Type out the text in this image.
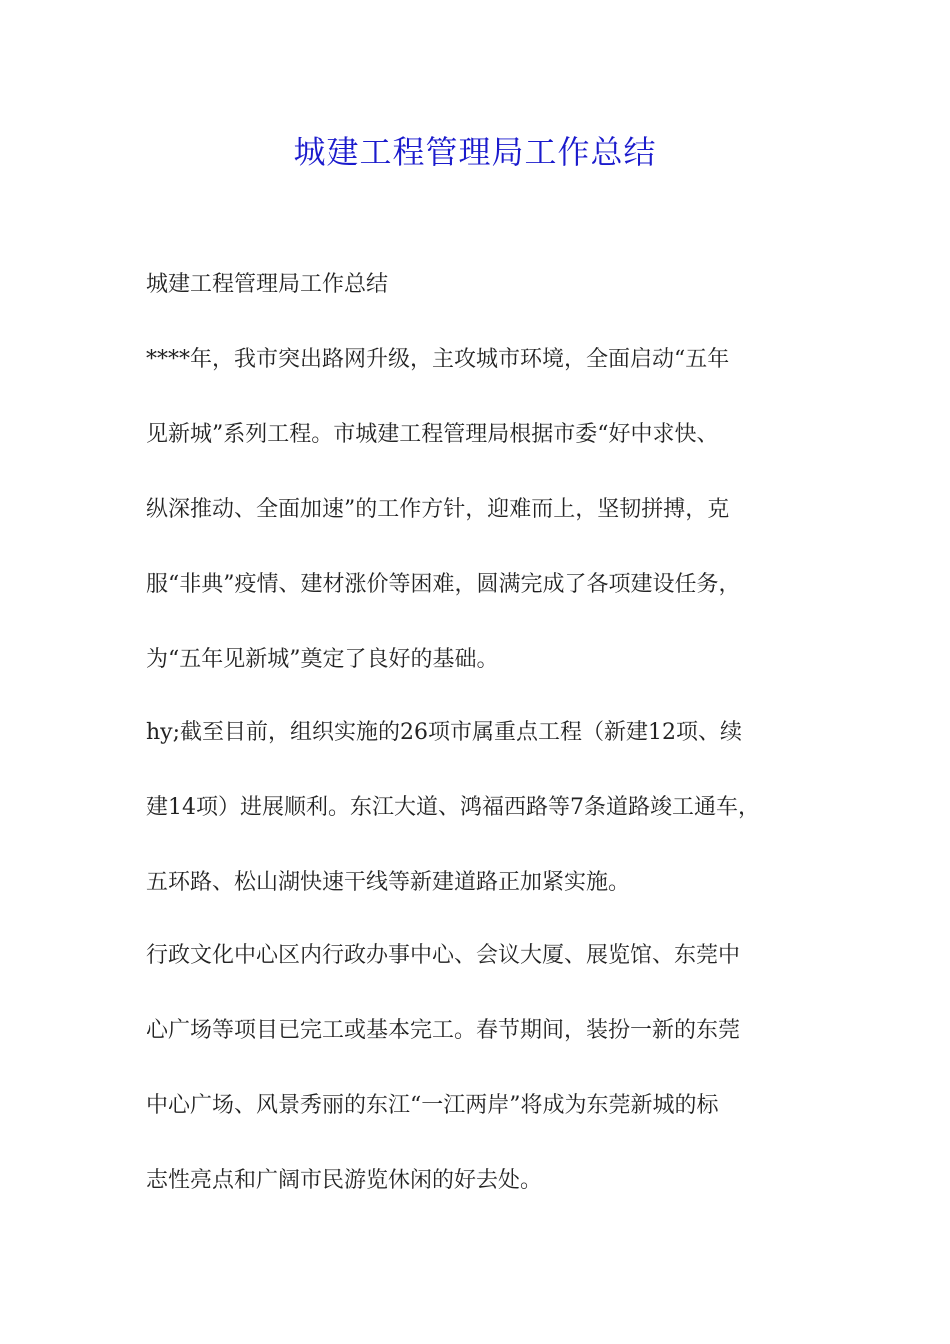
城建工程管理局工作总结
城建工程管理局工作总结
****年，我市突出路网升级，主攻城市环境，全面启动“五年
见新城”系列工程。市城建工程管理局根据市委“好中求快、
纵深推动、全面加速”的工作方针，迎难而上，坚韧拼搏，克
服“非典”疫情、建材涨价等困难，圆满完成了各项建设任务，
为“五年见新城”奠定了良好的基础。
hy;截至目前，组织实施的26项市属重点工程（新建12项、续
建14项）进展顺利。东江大道、鸿福西路等7条道路竣工通车，
五环路、松山湖快速干线等新建道路正加紧实施。
行政文化中心区内行政办事中心、会议大厦、展览馆、东莞中
心广场等项目已完工或基本完工。春节期间，装扮一新的东莞
中心广场、风景秀丽的东江“一江两岸”将成为东莞新城的标
志性亮点和广阔市民游览休闲的好去处。
